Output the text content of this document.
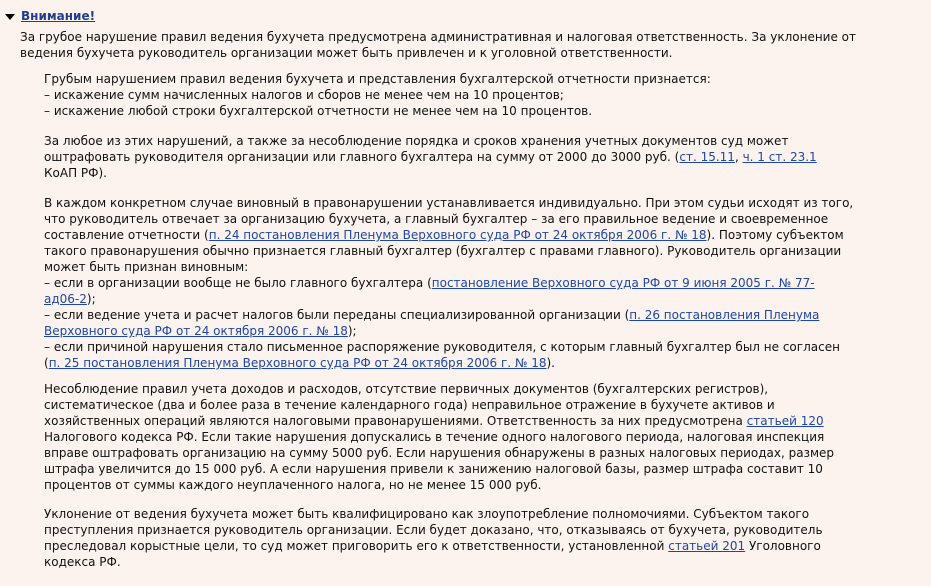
Внимание!

За грубое нарушение правил ведения бухучета предусмотрена административная и налоговая ответственность. За уклонение от

ведения бухучета руководитель организации может быть привлечен и к уголовной ответственности.

Грубым нарушением правил ведения бухучета и представления бухгалтерской отчетности признается:

– искажение сумм начисленных налогов и сборов не менее чем на 10 процентов;

– искажение любой строки бухгалтерской отчетности не менее чем на 10 процентов.

За любое из этих нарушений, а также за несоблюдение порядка и сроков хранения учетных документов суд может

оштрафовать руководителя организации или главного бухгалтера на сумму от 2000 до 3000 руб. (ст. 15.11, ч. 1 ст. 23.1

КоАП РФ).

В каждом конкретном случае виновный в правонарушении устанавливается индивидуально. При этом судьи исходят из того,

что руководитель отвечает за организацию бухучета, а главный бухгалтер – за его правильное ведение и своевременное

составление отчетности (п. 24 постановления Пленума Верховного суда РФ от 24 октября 2006 г. № 18). Поэтому субъектом

такого правонарушения обычно признается главный бухгалтер (бухгалтер с правами главного). Руководитель организации

может быть признан виновным:

– если в организации вообще не было главного бухгалтера (постановление Верховного суда РФ от 9 июня 2005 г. № 77-

ад06-2);

– если ведение учета и расчет налогов были переданы специализированной организации (п. 26 постановления Пленума

Верховного суда РФ от 24 октября 2006 г. № 18);

– если причиной нарушения стало письменное распоряжение руководителя, с которым главный бухгалтер был не согласен

(п. 25 постановления Пленума Верховного суда РФ от 24 октября 2006 г. № 18).

Несоблюдение правил учета доходов и расходов, отсутствие первичных документов (бухгалтерских регистров),

систематическое (два и более раза в течение календарного года) неправильное отражение в бухучете активов и

хозяйственных операций являются налоговыми правонарушениями. Ответственность за них предусмотрена статьей 120

Налогового кодекса РФ. Если такие нарушения допускались в течение одного налогового периода, налоговая инспекция

вправе оштрафовать организацию на сумму 5000 руб. Если нарушения обнаружены в разных налоговых периодах, размер

штрафа увеличится до 15 000 руб. А если нарушения привели к занижению налоговой базы, размер штрафа составит 10

процентов от суммы каждого неуплаченного налога, но не менее 15 000 руб.

Уклонение от ведения бухучета может быть квалифицировано как злоупотребление полномочиями. Субъектом такого

преступления признается руководитель организации. Если будет доказано, что, отказываясь от бухучета, руководитель

преследовал корыстные цели, то суд может приговорить его к ответственности, установленной статьей 201 Уголовного

кодекса РФ.
